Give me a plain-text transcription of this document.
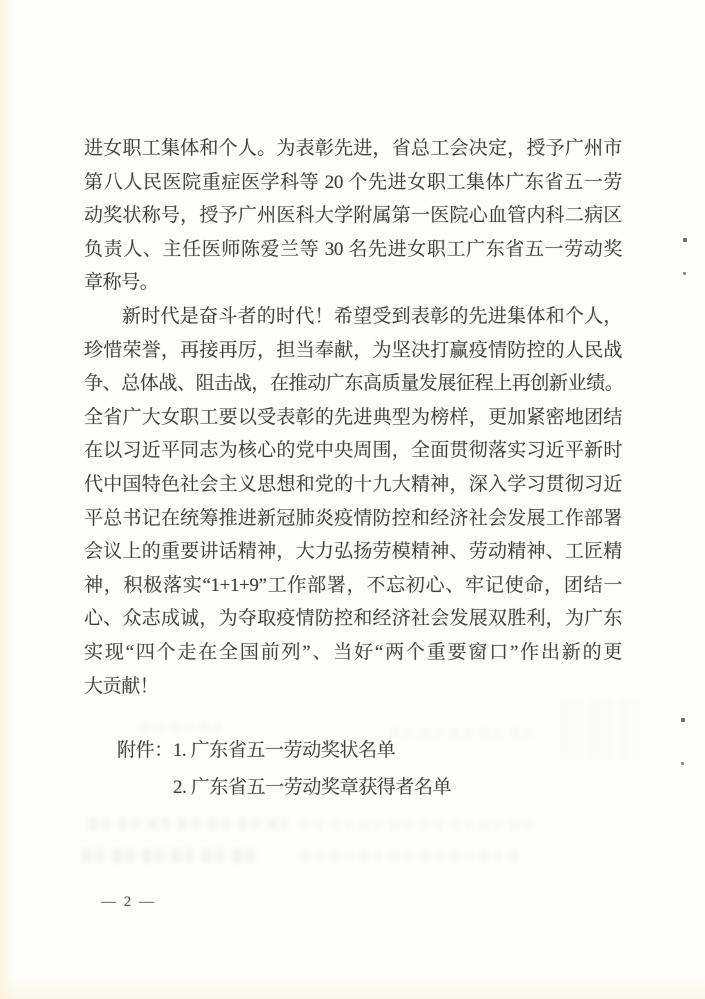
进女职工集体和个人。为表彰先进，省总工会决定，授予广州市
第八人民医院重症医学科等 20 个先进女职工集体广东省五一劳
动奖状称号，授予广州医科大学附属第一医院心血管内科二病区
负责人、主任医师陈爱兰等 30 名先进女职工广东省五一劳动奖
章称号。
新时代是奋斗者的时代！希望受到表彰的先进集体和个人，
珍惜荣誉，再接再厉，担当奉献，为坚决打赢疫情防控的人民战
争、总体战、阻击战，在推动广东高质量发展征程上再创新业绩。
全省广大女职工要以受表彰的先进典型为榜样，更加紧密地团结
在以习近平同志为核心的党中央周围，全面贯彻落实习近平新时
代中国特色社会主义思想和党的十九大精神，深入学习贯彻习近
平总书记在统筹推进新冠肺炎疫情防控和经济社会发展工作部署
会议上的重要讲话精神，大力弘扬劳模精神、劳动精神、工匠精
神，积极落实“1+1+9”工作部署，不忘初心、牢记使命，团结一
心、众志成诚，为夺取疫情防控和经济社会发展双胜利，为广东
实现“四个走在全国前列”、当好“两个重要窗口”作出新的更
大贡献！
附件：1. 广东省五一劳动奖状名单
2. 广东省五一劳动奖章获得者名单
— 2 —
